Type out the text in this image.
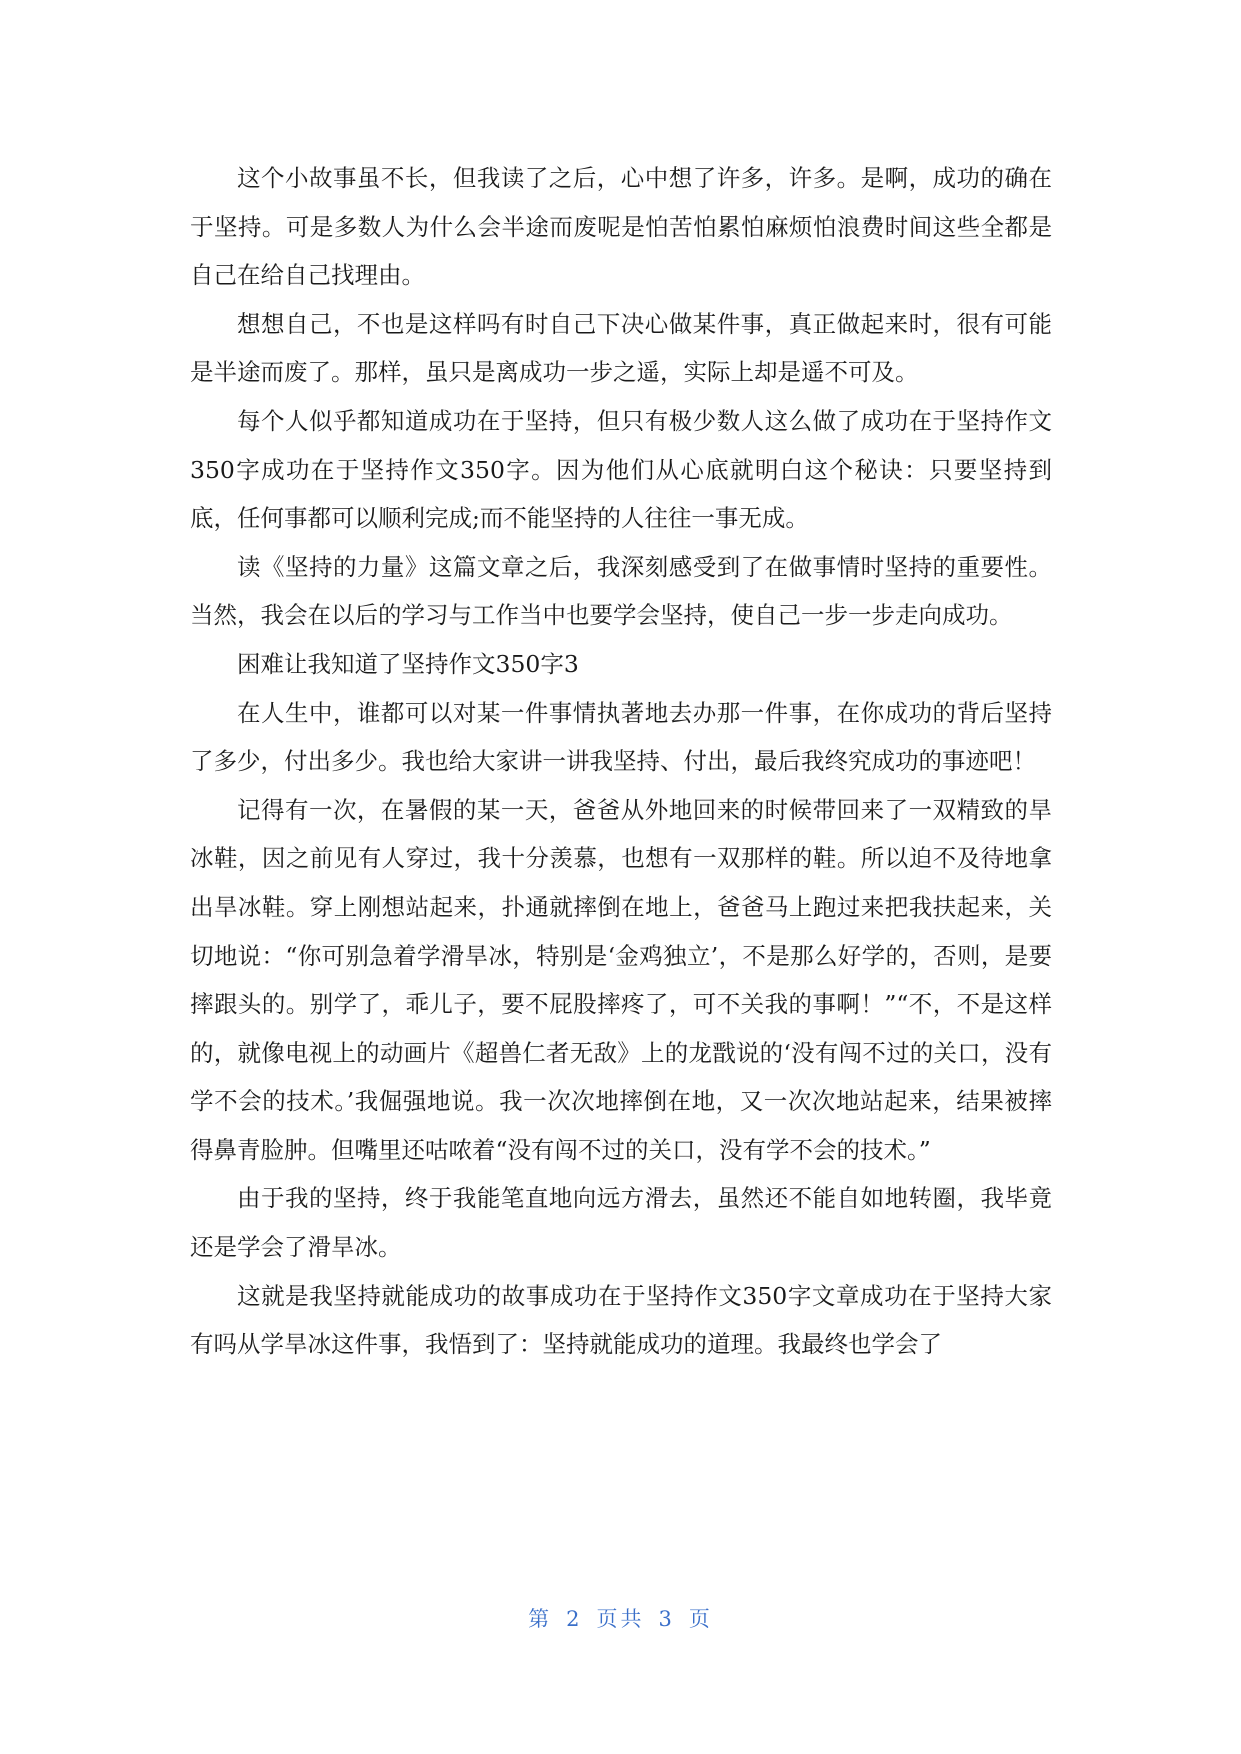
这个小故事虽不长，但我读了之后，心中想了许多，许多。是啊，成功的确在于坚持。可是多数人为什么会半途而废呢是怕苦怕累怕麻烦怕浪费时间这些全都是自己在给自己找理由。

想想自己，不也是这样吗有时自己下决心做某件事，真正做起来时，很有可能是半途而废了。那样，虽只是离成功一步之遥，实际上却是遥不可及。

每个人似乎都知道成功在于坚持，但只有极少数人这么做了成功在于坚持作文350字成功在于坚持作文350字。因为他们从心底就明白这个秘诀：只要坚持到底，任何事都可以顺利完成;而不能坚持的人往往一事无成。

读《坚持的力量》这篇文章之后，我深刻感受到了在做事情时坚持的重要性。当然，我会在以后的学习与工作当中也要学会坚持，使自己一步一步走向成功。

困难让我知道了坚持作文350字3

在人生中，谁都可以对某一件事情执著地去办那一件事，在你成功的背后坚持了多少，付出多少。我也给大家讲一讲我坚持、付出，最后我终究成功的事迹吧！

记得有一次，在暑假的某一天，爸爸从外地回来的时候带回来了一双精致的旱冰鞋，因之前见有人穿过，我十分羡慕，也想有一双那样的鞋。所以迫不及待地拿出旱冰鞋。穿上刚想站起来，扑通就摔倒在地上，爸爸马上跑过来把我扶起来，关切地说：“你可别急着学滑旱冰，特别是‘金鸡独立’，不是那么好学的，否则，是要摔跟头的。别学了，乖儿子，要不屁股摔疼了，可不关我的事啊！”“不，不是这样的，就像电视上的动画片《超兽仁者无敌》上的龙戬说的‘没有闯不过的关口，没有学不会的技术。’我倔强地说。我一次次地摔倒在地，又一次次地站起来，结果被摔得鼻青脸肿。但嘴里还咕哝着“没有闯不过的关口，没有学不会的技术。”

由于我的坚持，终于我能笔直地向远方滑去，虽然还不能自如地转圈，我毕竟还是学会了滑旱冰。

这就是我坚持就能成功的故事成功在于坚持作文350字文章成功在于坚持大家有吗从学旱冰这件事，我悟到了：坚持就能成功的道理。我最终也学会了

第 2 页共 3 页
